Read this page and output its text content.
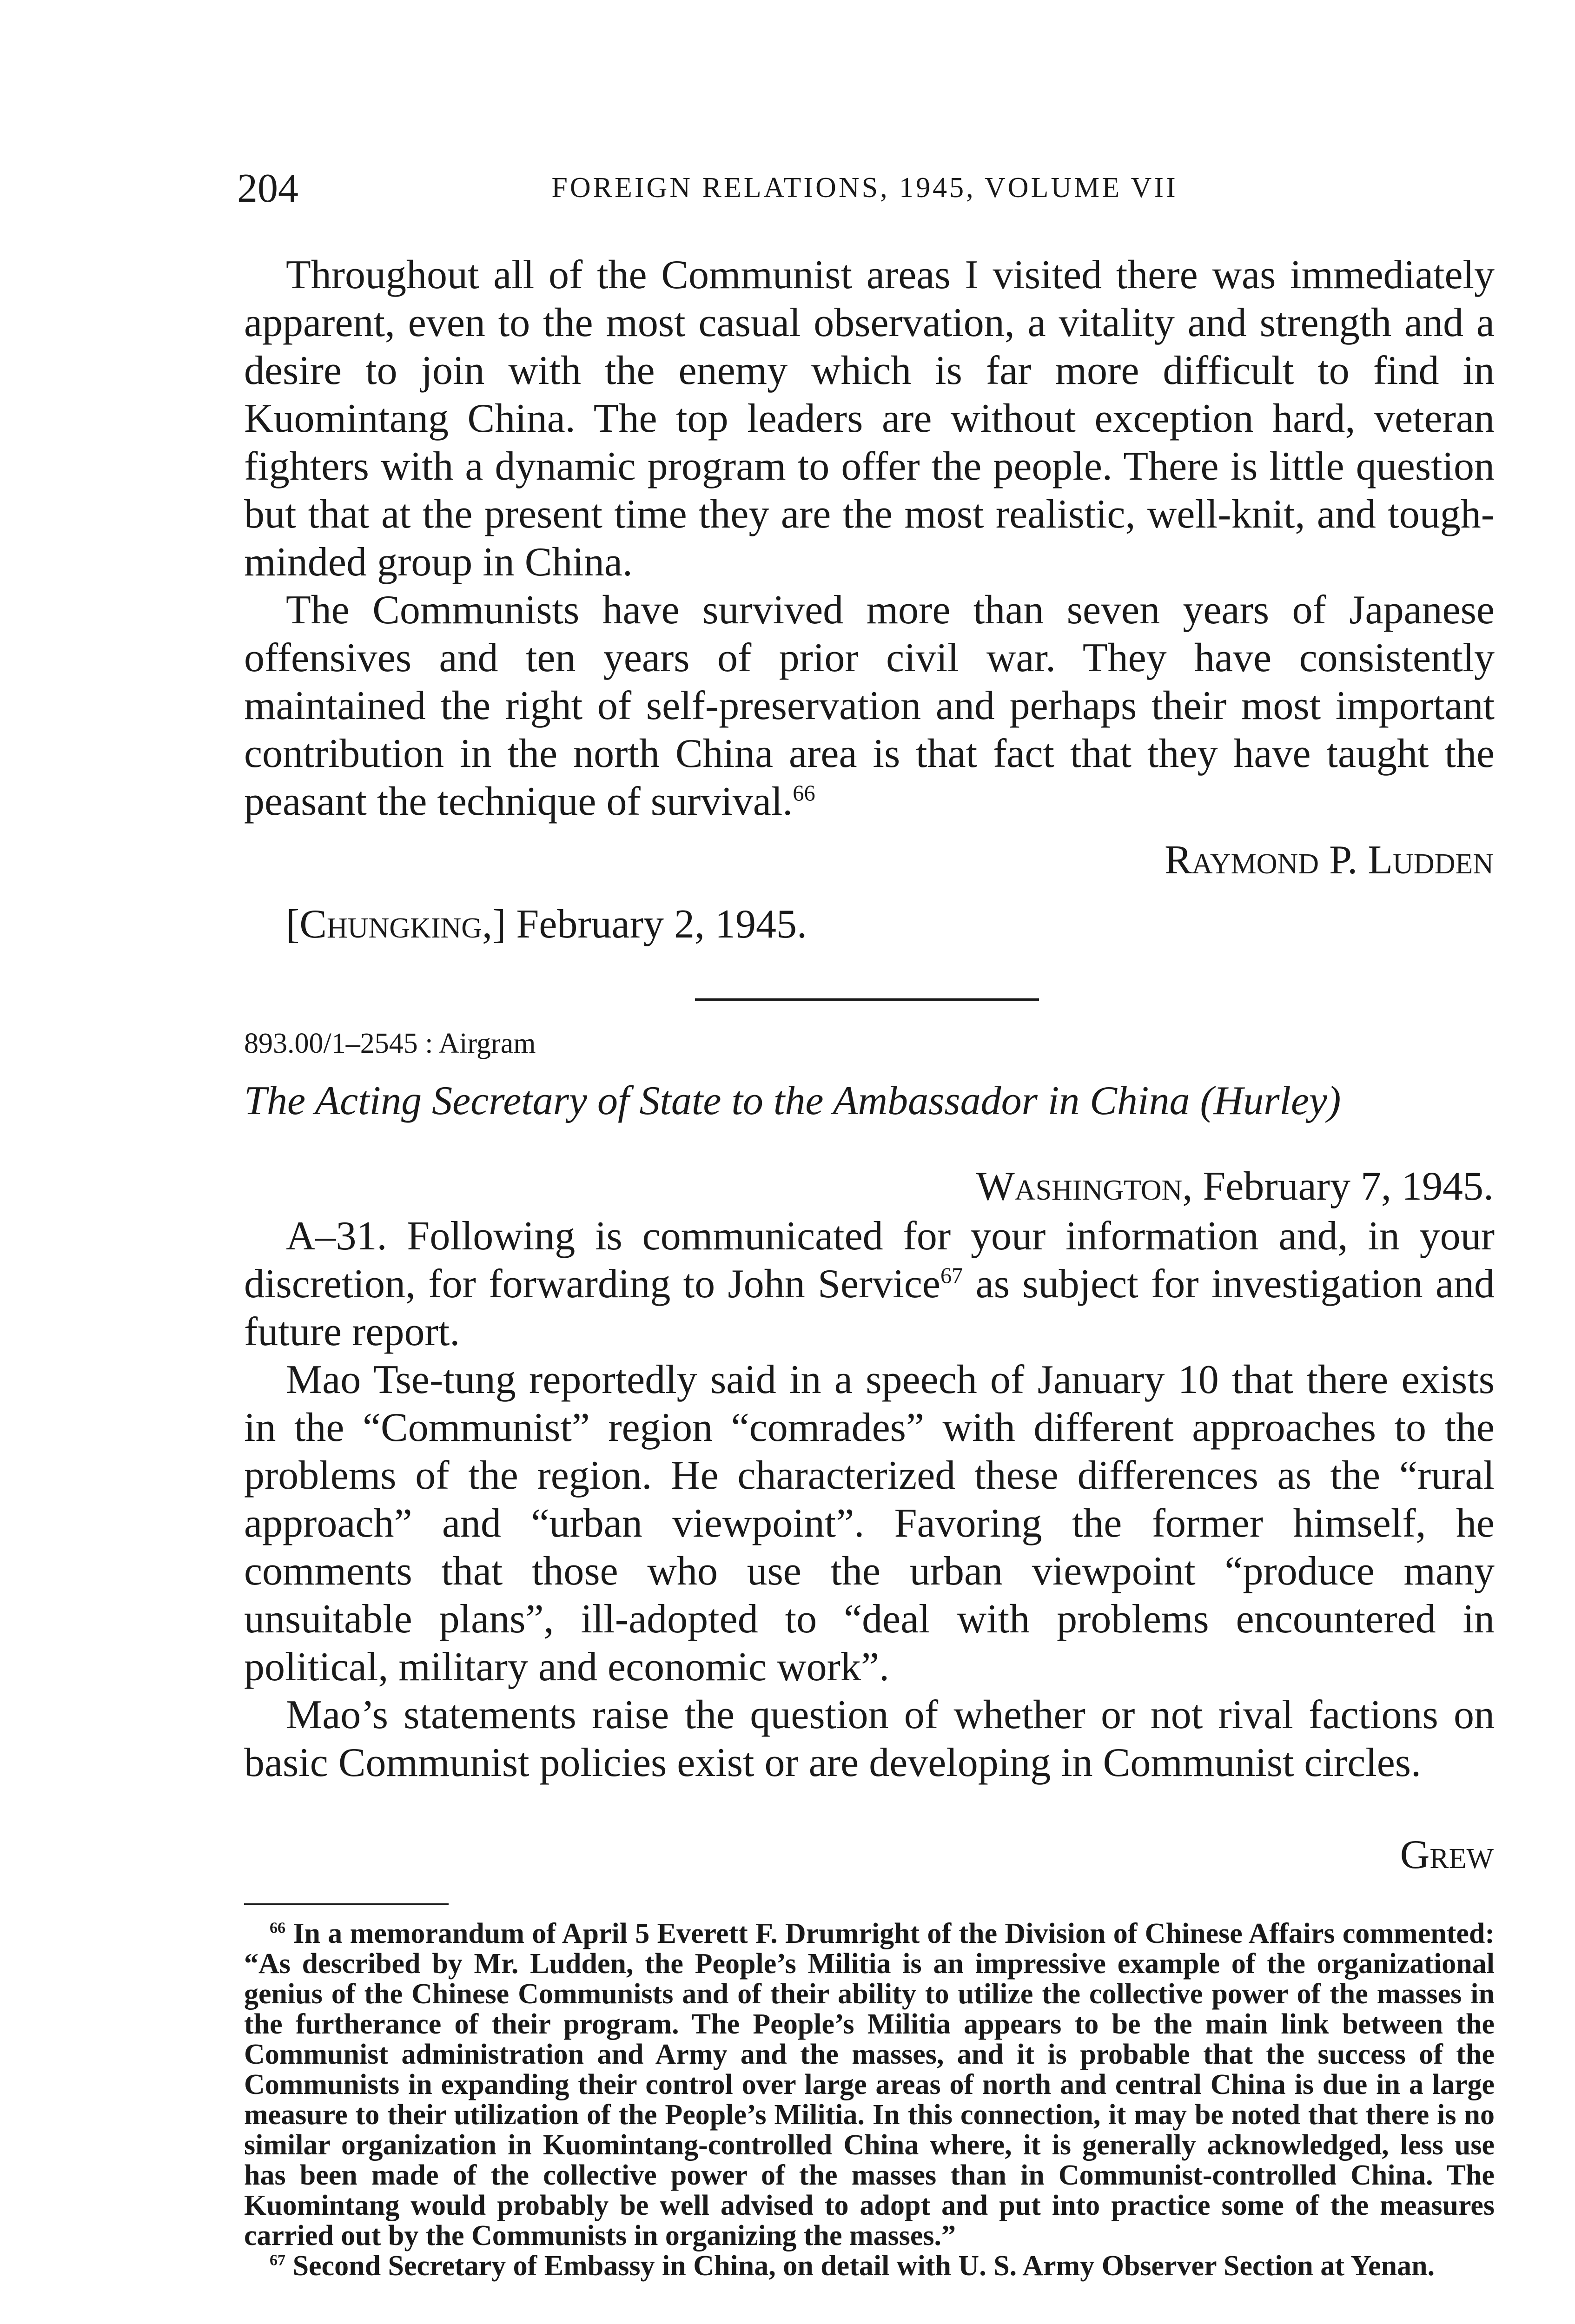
204	FOREIGN RELATIONS, 1945, VOLUME VII

Throughout all of the Communist areas I visited there was immediately apparent, even to the most casual observation, a vitality and strength and a desire to join with the enemy which is far more difficult to find in Kuomintang China. The top leaders are without exception hard, veteran fighters with a dynamic program to offer the people. There is little question but that at the present time they are the most realistic, well-knit, and tough-minded group in China.

The Communists have survived more than seven years of Japanese offensives and ten years of prior civil war. They have consistently maintained the right of self-preservation and perhaps their most important contribution in the north China area is that fact that they have taught the peasant the technique of survival.$^{66}$

Raymond P. Ludden
[Chungking,] February 2, 1945.
893.00/1–2545 : Airgram
The Acting Secretary of State to the Ambassador in China (Hurley)
Washington, February 7, 1945.

A–31. Following is communicated for your information and, in your discretion, for forwarding to John Service$^{67}$ as subject for investigation and future report.

Mao Tse-tung reportedly said in a speech of January 10 that there exists in the “Communist” region “comrades” with different approaches to the problems of the region. He characterized these differences as the “rural approach” and “urban viewpoint”. Favoring the former himself, he comments that those who use the urban viewpoint “produce many unsuitable plans”, ill-adopted to “deal with problems encountered in political, military and economic work”.

Mao’s statements raise the question of whether or not rival factions on basic Communist policies exist or are developing in Communist circles.

Grew

$^{66}$ In a memorandum of April 5 Everett F. Drumright of the Division of Chinese Affairs commented: “As described by Mr. Ludden, the People’s Militia is an impressive example of the organizational genius of the Chinese Communists and of their ability to utilize the collective power of the masses in the furtherance of their program. The People’s Militia appears to be the main link between the Communist administration and Army and the masses, and it is probable that the success of the Communists in expanding their control over large areas of north and central China is due in a large measure to their utilization of the People’s Militia. In this connection, it may be noted that there is no similar organization in Kuomintang-controlled China where, it is generally acknowledged, less use has been made of the collective power of the masses than in Communist-controlled China. The Kuomintang would probably be well advised to adopt and put into practice some of the measures carried out by the Communists in organizing the masses.”

$^{67}$ Second Secretary of Embassy in China, on detail with U. S. Army Observer Section at Yenan.
